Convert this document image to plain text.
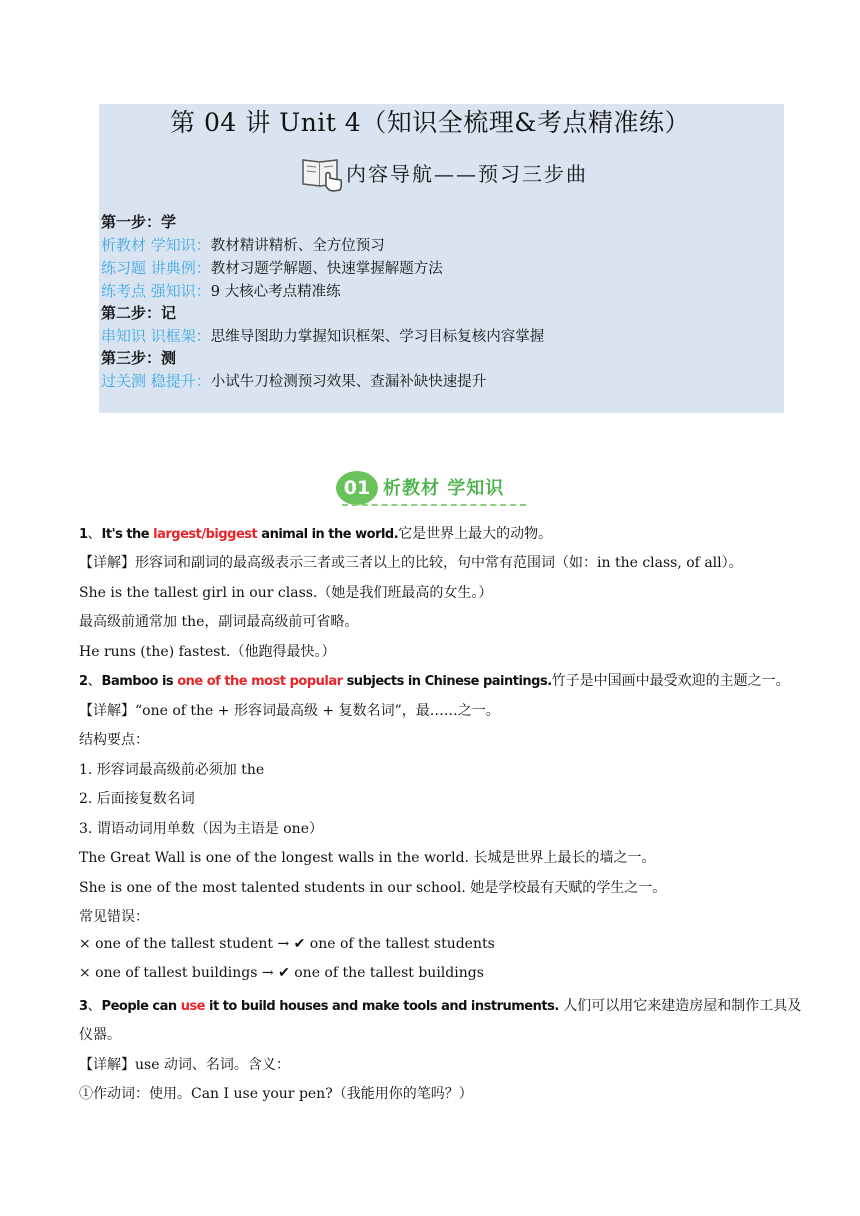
第 04 讲 Unit 4（知识全梳理&考点精准练）
内容导航——预习三步曲
第一步：学
析教材 学知识：教材精讲精析、全方位预习
练习题 讲典例：教材习题学解题、快速掌握解题方法
练考点 强知识：9 大核心考点精准练
第二步：记
串知识 识框架：思维导图助力掌握知识框架、学习目标复核内容掌握
第三步：测
过关测 稳提升：小试牛刀检测预习效果、查漏补缺快速提升
01 析教材 学知识
1、It's the largest/biggest animal in the world.它是世界上最大的动物。
【详解】形容词和副词的最高级表示三者或三者以上的比较，句中常有范围词（如：in the class, of all）。
She is the tallest girl in our class.（她是我们班最高的女生。）
最高级前通常加 the，副词最高级前可省略。
He runs (the) fastest.（他跑得最快。）
2、Bamboo is one of the most popular subjects in Chinese paintings.竹子是中国画中最受欢迎的主题之一。
【详解】“one of the + 形容词最高级 + 复数名词”，最……之一。
结构要点：
1. 形容词最高级前必须加 the
2. 后面接复数名词
3. 谓语动词用单数（因为主语是 one）
The Great Wall is one of the longest walls in the world. 长城是世界上最长的墙之一。
She is one of the most talented students in our school. 她是学校最有天赋的学生之一。
常见错误：
× one of the tallest student → ✔︎ one of the tallest students
× one of tallest buildings → ✔︎ one of the tallest buildings
3、People can use it to build houses and make tools and instruments. 人们可以用它来建造房屋和制作工具及
仪器。
【详解】use 动词、名词。含义：
①作动词：使用。Can I use your pen?（我能用你的笔吗？）
